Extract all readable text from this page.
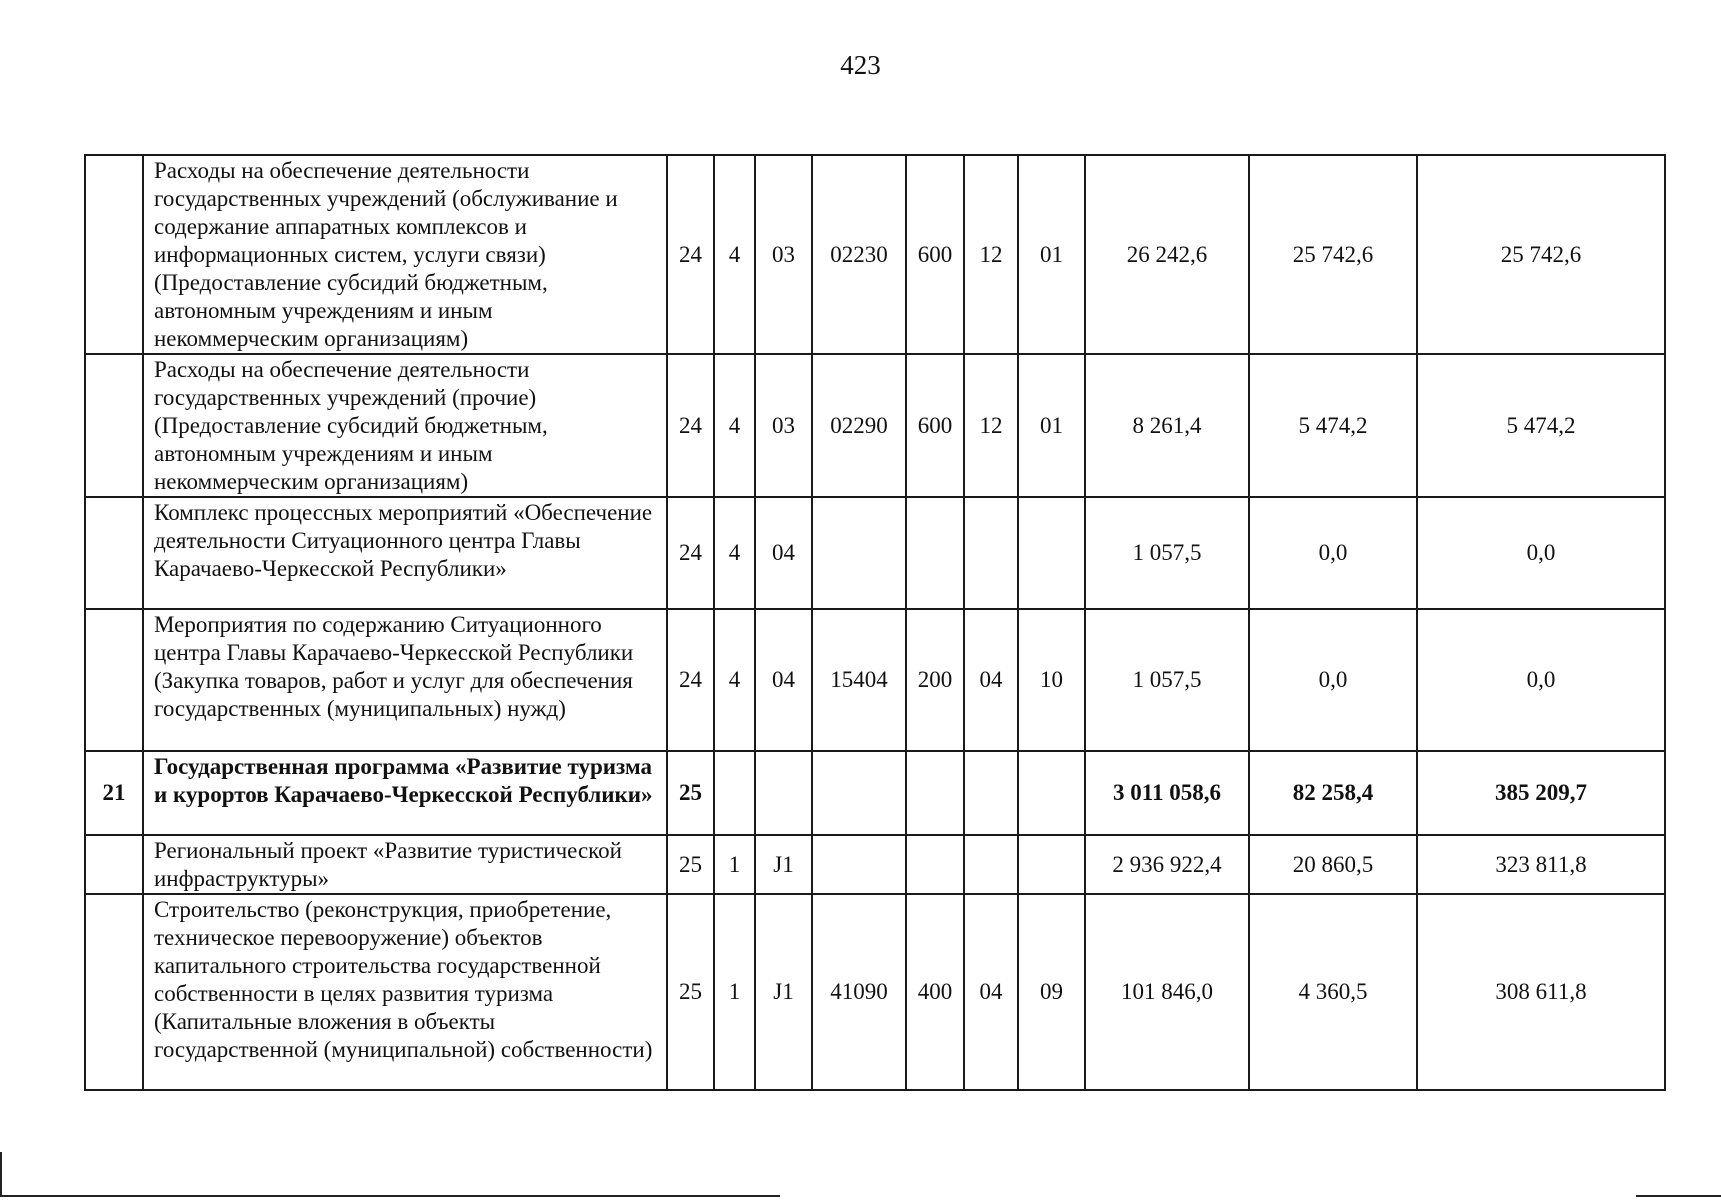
423
	Расходы на обеспечение деятельности государственных учреждений (обслуживание и содержание аппаратных комплексов и информационных систем, услуги связи) (Предоставление субсидий бюджетным, автономным учреждениям и иным некоммерческим организациям)	24	4	03	02230	600	12	01	26 242,6	25 742,6	25 742,6
	Расходы на обеспечение деятельности государственных учреждений (прочие) (Предоставление субсидий бюджетным, автономным учреждениям и иным некоммерческим организациям)	24	4	03	02290	600	12	01	8 261,4	5 474,2	5 474,2
	Комплекс процессных мероприятий «Обеспечение деятельности Ситуационного центра Главы Карачаево-Черкесской Республики»	24	4	04					1 057,5	0,0	0,0
	Мероприятия по содержанию Ситуационного центра Главы Карачаево-Черкесской Республики (Закупка товаров, работ и услуг для обеспечения государственных (муниципальных) нужд)	24	4	04	15404	200	04	10	1 057,5	0,0	0,0
21	Государственная программа «Развитие туризма и курортов Карачаево-Черкесской Республики»	25							3 011 058,6	82 258,4	385 209,7
	Региональный проект «Развитие туристической инфраструктуры»	25	1	J1					2 936 922,4	20 860,5	323 811,8
	Строительство (реконструкция, приобретение, техническое перевооружение) объектов капитального строительства государственной собственности в целях развития туризма (Капитальные вложения в объекты государственной (муниципальной) собственности)	25	1	J1	41090	400	04	09	101 846,0	4 360,5	308 611,8
